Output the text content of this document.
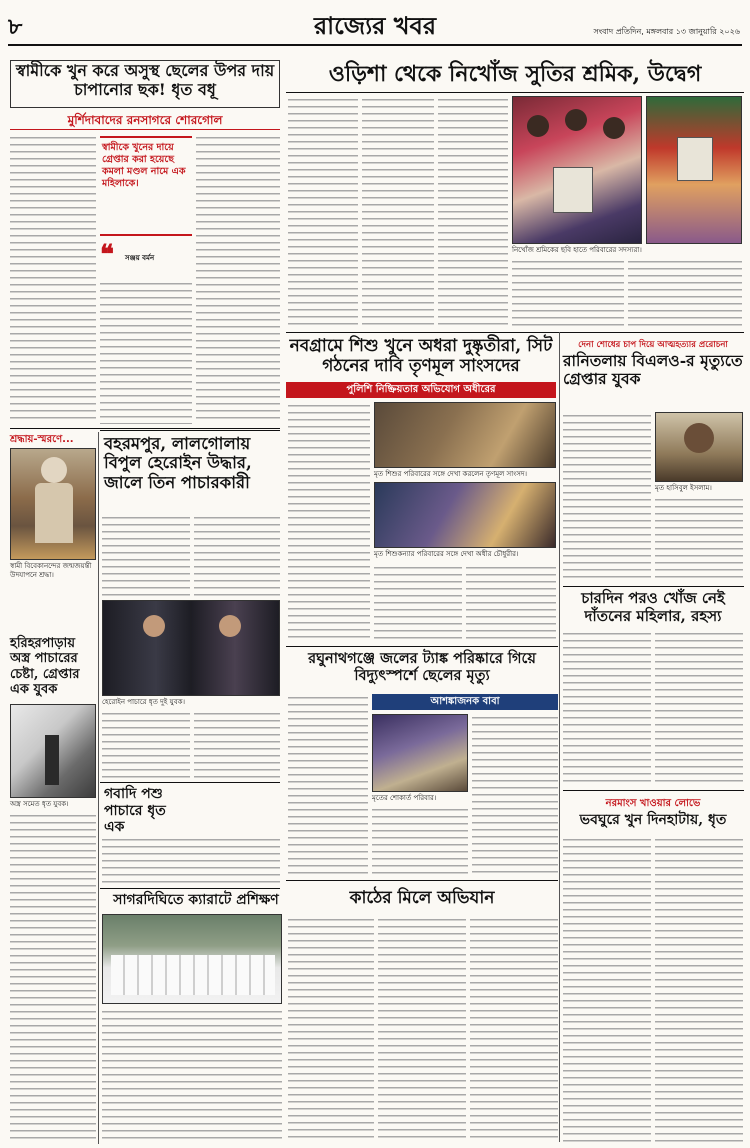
৮	রাজ্যের খবর	সংবাদ প্রতিদিন, মঙ্গলবার ১৩ জানুয়ারি ২০২৬
স্বামীকে খুন করে অসুস্থ ছেলের উপর দায় চাপানোর ছক! ধৃত বধূ
মুর্শিদাবাদের রনসাগরে শোরগোল
স্বামীকে খুনের দায়ে গ্রেপ্তার করা হয়েছে কমলা মণ্ডল নামে এক মহিলাকে।
❝	সঞ্জয় বর্মন
শ্রদ্ধায়-স্মরণে...
স্বামী বিবেকানন্দের জন্মজয়ন্তী উদযাপনে শ্রদ্ধা।
হরিহরপাড়ায় অস্ত্র পাচারের চেষ্টা, গ্রেপ্তার এক যুবক
অস্ত্র সমেত ধৃত যুবক।
ওড়িশা থেকে নিখোঁজ সুতির শ্রমিক, উদ্বেগ
নিখোঁজ শ্রমিকের ছবি হাতে পরিবারের সদস্যরা।
বহরমপুর, লালগোলায় বিপুল হেরোইন উদ্ধার, জালে তিন পাচারকারী
হেরোইন পাচারে ধৃত দুই যুবক।
গবাদি পশু পাচারে ধৃত এক
সাগরদিঘিতে ক্যারাটে প্রশিক্ষণ
নবগ্রামে শিশু খুনে অধরা দুষ্কৃতীরা, সিট গঠনের দাবি তৃণমূল সাংসদের
পুলিশি নিষ্ক্রিয়তার অভিযোগ অধীরের
মৃত শিশুর পরিবারের সঙ্গে দেখা করলেন তৃণমূল সাংসদ।
মৃত শিশুকন্যার পরিবারের সঙ্গে দেখা অধীর চৌধুরীর।
দেনা শোধের চাপ দিয়ে আত্মহত্যার প্ররোচনা
রানিতলায় বিএলও-র মৃত্যুতে গ্রেপ্তার যুবক
মৃত হাসিবুল ইসলাম।
চারদিন পরও খোঁজ নেই দাঁতনের মহিলার, রহস্য
রঘুনাথগঞ্জে জলের ট্যাঙ্ক পরিষ্কারে গিয়ে বিদ্যুৎস্পর্শে ছেলের মৃত্যু
আশঙ্কাজনক বাবা
মৃতের শোকার্ত পরিবার।
কাঠের মিলে অভিযান
নরমাংস খাওয়ার লোভে
ভবঘুরে খুন দিনহাটায়, ধৃত
